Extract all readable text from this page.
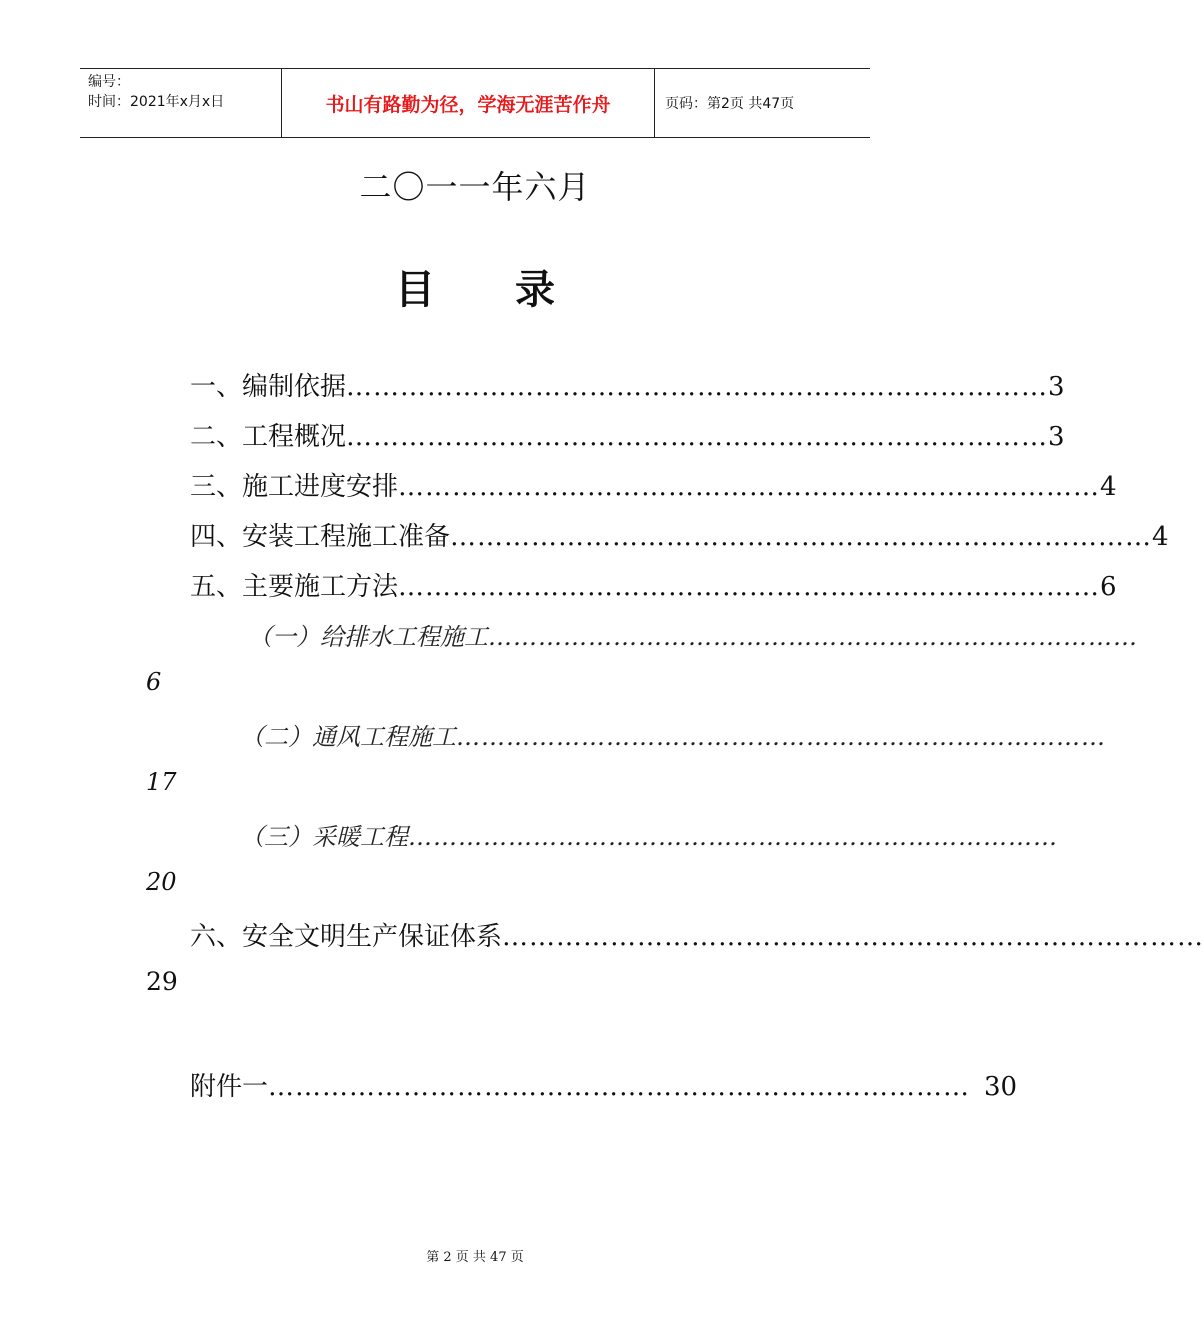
编号：
时间：2021年x月x日	书山有路勤为径，学海无涯苦作舟	页码：第2页 共47页
二〇一一年六月
目录
一、编制依据 …………………………………………………………………… 3
二、工程概况 …………………………………………………………………… 3
三、施工进度安排 …………………………………………………………………… 4
四、安装工程施工准备 …………………………………………………………………… 4
五、主要施工方法 …………………………………………………………………… 6
（一）给排水工程施工 ……………………………………………………………………
6
（二）通风工程施工 ……………………………………………………………………
17
（三）采暖工程 ……………………………………………………………………
20
六、安全文明生产保证体系 ……………………………………………………………………
29
附件一 …………………………………………………………………… 30
第 2 页 共 47 页
